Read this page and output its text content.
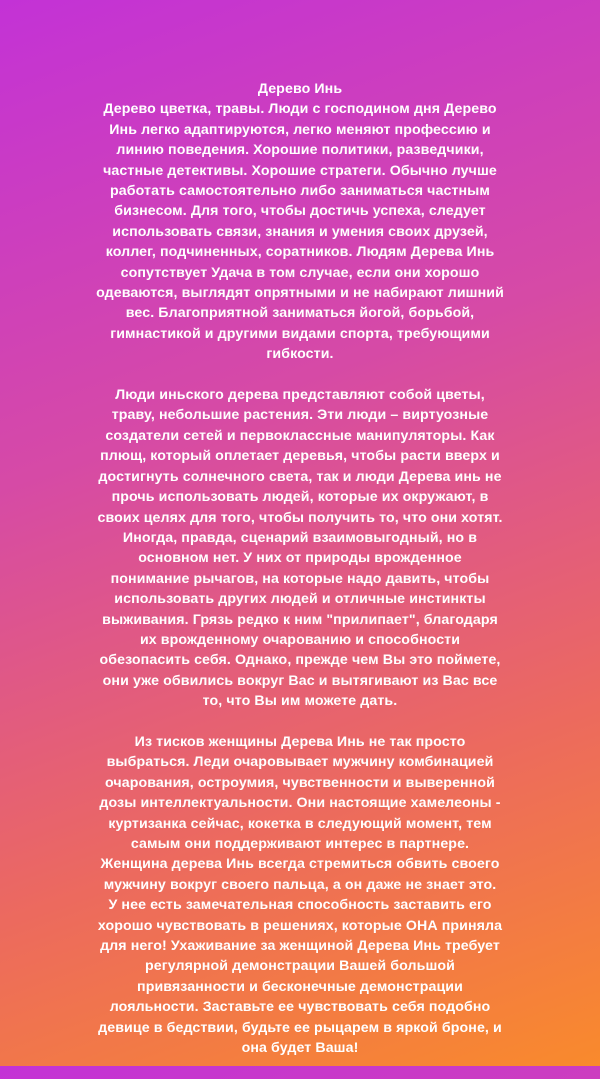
Дерево Инь
Дерево цветка, травы. Люди с господином дня Дерево
Инь легко адаптируются, легко меняют профессию и
линию поведения. Хорошие политики, разведчики,
частные детективы. Хорошие стратеги. Обычно лучше
работать самостоятельно либо заниматься частным
бизнесом. Для того, чтобы достичь успеха, следует
использовать связи, знания и умения своих друзей,
коллег, подчиненных, соратников. Людям Дерева Инь
сопутствует Удача в том случае, если они хорошо
одеваются, выглядят опрятными и не набирают лишний
вес. Благоприятной заниматься йогой, борьбой,
гимнастикой и другими видами спорта, требующими
гибкости.
Люди иньского дерева представляют собой цветы,
траву, небольшие растения. Эти люди – виртуозные
создатели сетей и первоклассные манипуляторы. Как
плющ, который оплетает деревья, чтобы расти вверх и
достигнуть солнечного света, так и люди Дерева инь не
прочь использовать людей, которые их окружают, в
своих целях для того, чтобы получить то, что они хотят.
Иногда, правда, сценарий взаимовыгодный, но в
основном нет. У них от природы врожденное
понимание рычагов, на которые надо давить, чтобы
использовать других людей и отличные инстинкты
выживания. Грязь редко к ним "прилипает", благодаря
их врожденному очарованию и способности
обезопасить себя. Однако, прежде чем Вы это поймете,
они уже обвились вокруг Вас и вытягивают из Вас все
то, что Вы им можете дать.
Из тисков женщины Дерева Инь не так просто
выбраться. Леди очаровывает мужчину комбинацией
очарования, остроумия, чувственности и выверенной
дозы интеллектуальности. Они настоящие хамелеоны -
куртизанка сейчас, кокетка в следующий момент, тем
самым они поддерживают интерес в партнере.
Женщина дерева Инь всегда стремиться обвить своего
мужчину вокруг своего пальца, а он даже не знает это.
У нее есть замечательная способность заставить его
хорошо чувствовать в решениях, которые ОНА приняла
для него! Ухаживание за женщиной Дерева Инь требует
регулярной демонстрации Вашей большой
привязанности и бесконечные демонстрации
лояльности. Заставьте ее чувствовать себя подобно
девице в бедствии, будьте ее рыцарем в яркой броне, и
она будет Ваша!
